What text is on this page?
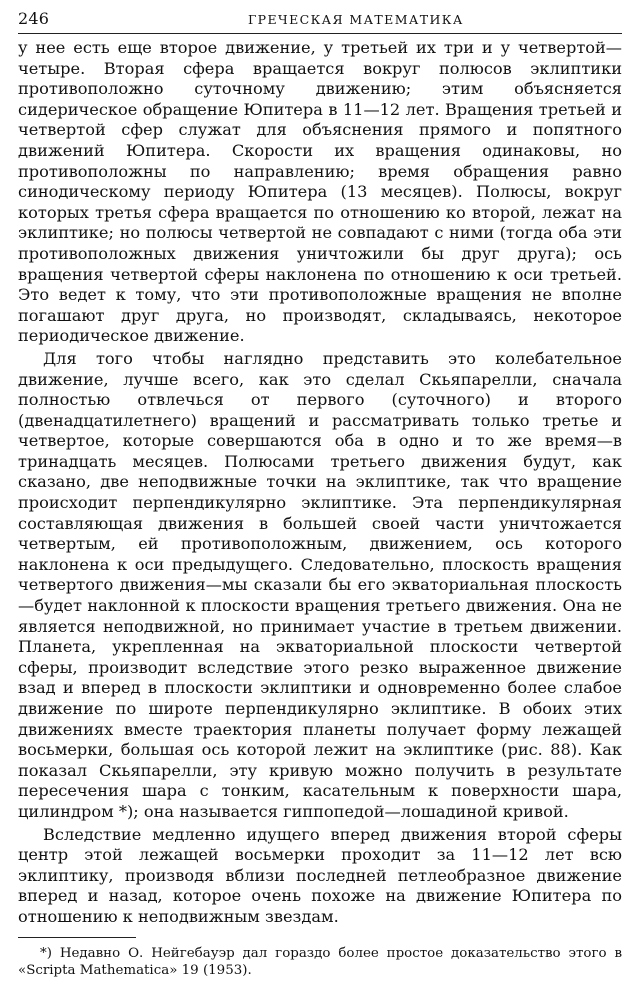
246	ГРЕЧЕСКАЯ МАТЕМАТИКА

у нее есть еще второе движение, у третьей их три и у четвертой—четыре. Вторая сфера вращается вокруг полюсов эклиптики противоположно суточному движению; этим объясняется сидерическое обращение Юпитера в 11—12 лет. Вращения третьей и четвертой сфер служат для объяснения прямого и попятного движений Юпитера. Скорости их вращения одинаковы, но противоположны по направлению; время обращения равно синодическому периоду Юпитера (13 месяцев). Полюсы, вокруг которых третья сфера вращается по отношению ко второй, лежат на эклиптике; но полюсы четвертой не совпадают с ними (тогда оба эти противоположных движения уничтожили бы друг друга); ось вращения четвертой сферы наклонена по отношению к оси третьей. Это ведет к тому, что эти противоположные вращения не вполне погашают друг друга, но производят, складываясь, некоторое периодическое движение.

Для того чтобы наглядно представить это колебательное движение, лучше всего, как это сделал Скьяпарелли, сначала полностью отвлечься от первого (суточного) и второго (двенадцатилетнего) вращений и рассматривать только третье и четвертое, которые совершаются оба в одно и то же время—в тринадцать месяцев. Полюсами третьего движения будут, как сказано, две неподвижные точки на эклиптике, так что вращение происходит перпендикулярно эклиптике. Эта перпендикулярная составляющая движения в большей своей части уничтожается четвертым, ей противоположным, движением, ось которого наклонена к оси предыдущего. Следовательно, плоскость вращения четвертого движения—мы сказали бы его экваториальная плоскость—будет наклонной к плоскости вращения третьего движения. Она не является неподвижной, но принимает участие в третьем движении. Планета, укрепленная на экваториальной плоскости четвертой сферы, производит вследствие этого резко выраженное движение взад и вперед в плоскости эклиптики и одновременно более слабое движение по широте перпендикулярно эклиптике. В обоих этих движениях вместе траектория планеты получает форму лежащей восьмерки, большая ось которой лежит на эклиптике (рис. 88). Как показал Скьяпарелли, эту кривую можно получить в результате пересечения шара с тонким, касательным к поверхности шара, цилиндром *); она называется гиппопедой—лошадиной кривой.

Вследствие медленно идущего вперед движения второй сферы центр этой лежащей восьмерки проходит за 11—12 лет всю эклиптику, производя вблизи последней петлеобразное движение вперед и назад, которое очень похоже на движение Юпитера по отношению к неподвижным звездам.

*) Недавно О. Нейгебауэр дал гораздо более простое доказательство этого в «Scripta Mathematica» 19 (1953).
